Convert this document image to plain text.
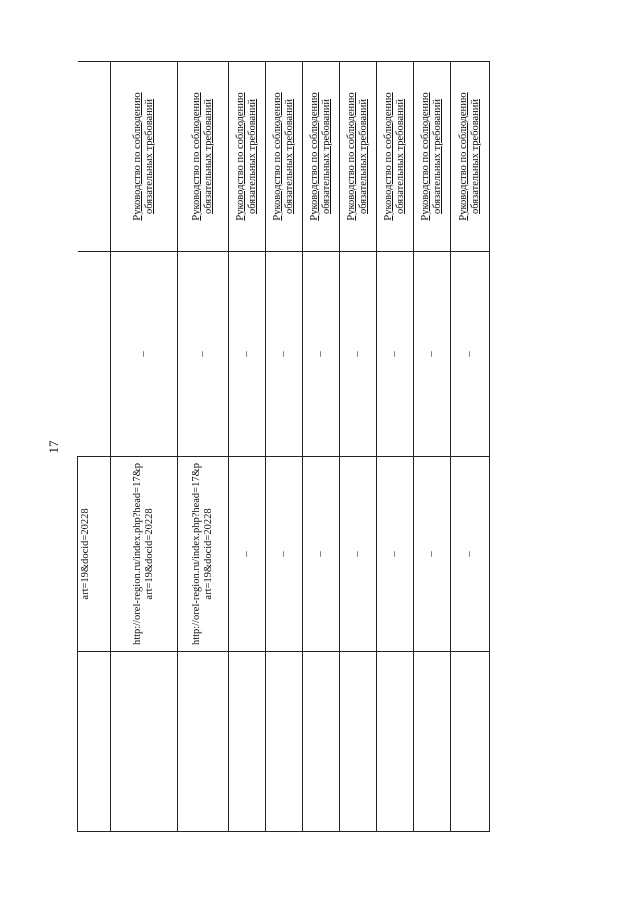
17
	art=19&docid=20228		
	http://orel-region.ru/index.php?head=17&part=19&docid=20228	–	Руководство по соблюдению обязательных требований
	http://orel-region.ru/index.php?head=17&part=19&docid=20228	–	Руководство по соблюдению обязательных требований
	–	–	Руководство по соблюдению обязательных требований
	–	–	Руководство по соблюдению обязательных требований
	–	–	Руководство по соблюдению обязательных требований
	–	–	Руководство по соблюдению обязательных требований
	–	–	Руководство по соблюдению обязательных требований
	–	–	Руководство по соблюдению обязательных требований
	–	–	Руководство по соблюдению обязательных требований
